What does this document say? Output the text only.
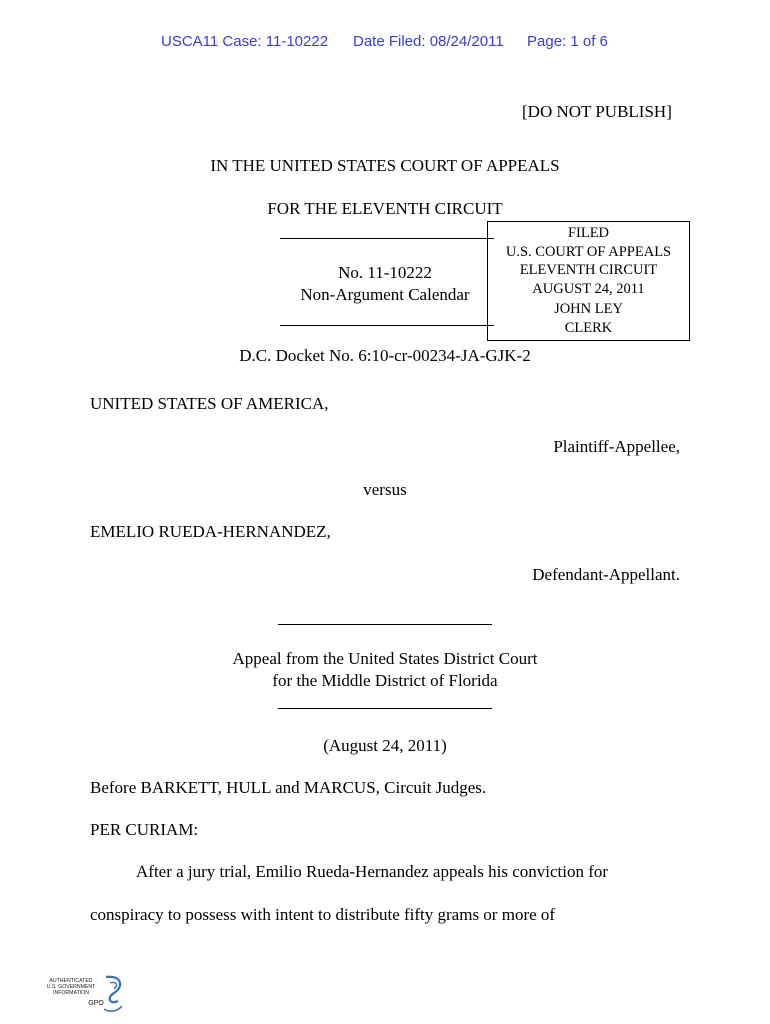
USCA11 Case: 11-10222 Date Filed: 08/24/2011 Page: 1 of 6
[DO NOT PUBLISH]
IN THE UNITED STATES COURT OF APPEALS
FOR THE ELEVENTH CIRCUIT
No. 11-10222
Non-Argument Calendar
FILED
U.S. COURT OF APPEALS
ELEVENTH CIRCUIT
AUGUST 24, 2011
JOHN LEY
CLERK
D.C. Docket No. 6:10-cr-00234-JA-GJK-2
UNITED STATES OF AMERICA,
Plaintiff-Appellee,
versus
EMELIO RUEDA-HERNANDEZ,
Defendant-Appellant.
Appeal from the United States District Court
for the Middle District of Florida
(August 24, 2011)
Before BARKETT, HULL and MARCUS, Circuit Judges.
PER CURIAM:
After a jury trial, Emilio Rueda-Hernandez appeals his conviction for
conspiracy to possess with intent to distribute fifty grams or more of
AUTHENTICATED
U.S. GOVERNMENT
INFORMATION
GPO
